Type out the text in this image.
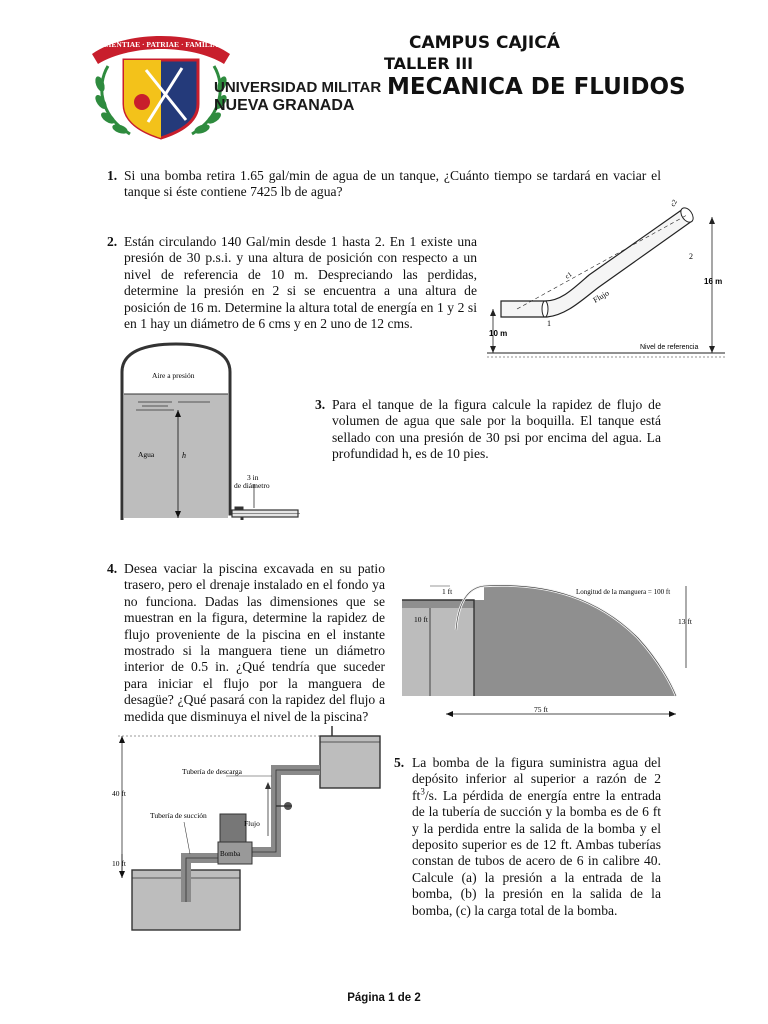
SCIENTIAE · PATRIAE · FAMILIAE
UNIVERSIDAD MILITAR
NUEVA GRANADA
CAMPUS CAJICÁ
TALLER III
MECANICA DE FLUIDOS
1. Si una bomba retira 1.65 gal/min de agua de un tanque, ¿Cuánto tiempo se tardará en vaciar el tanque si éste contiene 7425 lb de agua?
2. Están circulando 140 Gal/min desde 1 hasta 2. En 1 existe una presión de 30 p.s.i. y una altura de posición con respecto a un nivel de referencia de 10 m. Despreciando las perdidas, determine la presión en 2 si se encuentra a una altura de posición de 16 m. Determine la altura total de energía en 1 y 2 si en 1 hay un diámetro de 6 cms y en 2 uno de 12 cms.
c1
c2
Flujo
1
2
16 m
10 m
Nivel de referencia
Aire a presión
Agua	h
3 in
de diámetro
3. Para el tanque de la figura calcule la rapidez de flujo de volumen de agua que sale por la boquilla. El tanque está sellado con una presión de 30 psi por encima del agua. La profundidad h, es de 10 pies.
4. Desea vaciar la piscina excavada en su patio trasero, pero el drenaje instalado en el fondo ya no funciona. Dadas las dimensiones que se muestran en la figura, determine la rapidez de flujo proveniente de la piscina en el instante mostrado si la manguera tiene un diámetro interior de 0.5 in. ¿Qué tendría que suceder para iniciar el flujo por la manguera de desagüe? ¿Qué pasará con la rapidez del flujo a medida que disminuya el nivel de la piscina?
1 ft
10 ft
Longitud de la manguera = 100 ft
13 ft
75 ft
Bomba
Flujo
Tubería de descarga
Tubería de succión
40 ft
10 ft
5. La bomba de la figura suministra agua del depósito inferior al superior a razón de 2 $ft^3/s$. La pérdida de energía entre la entrada de la tubería de succión y la bomba es de 6 ft y la perdida entre la salida de la bomba y el deposito superior es de 12 ft. Ambas tuberías constan de tubos de acero de 6 in calibre 40. Calcule (a) la presión a la entrada de la bomba, (b) la presión en la salida de la bomba, (c) la carga total de la bomba.
Página 1 de 2
